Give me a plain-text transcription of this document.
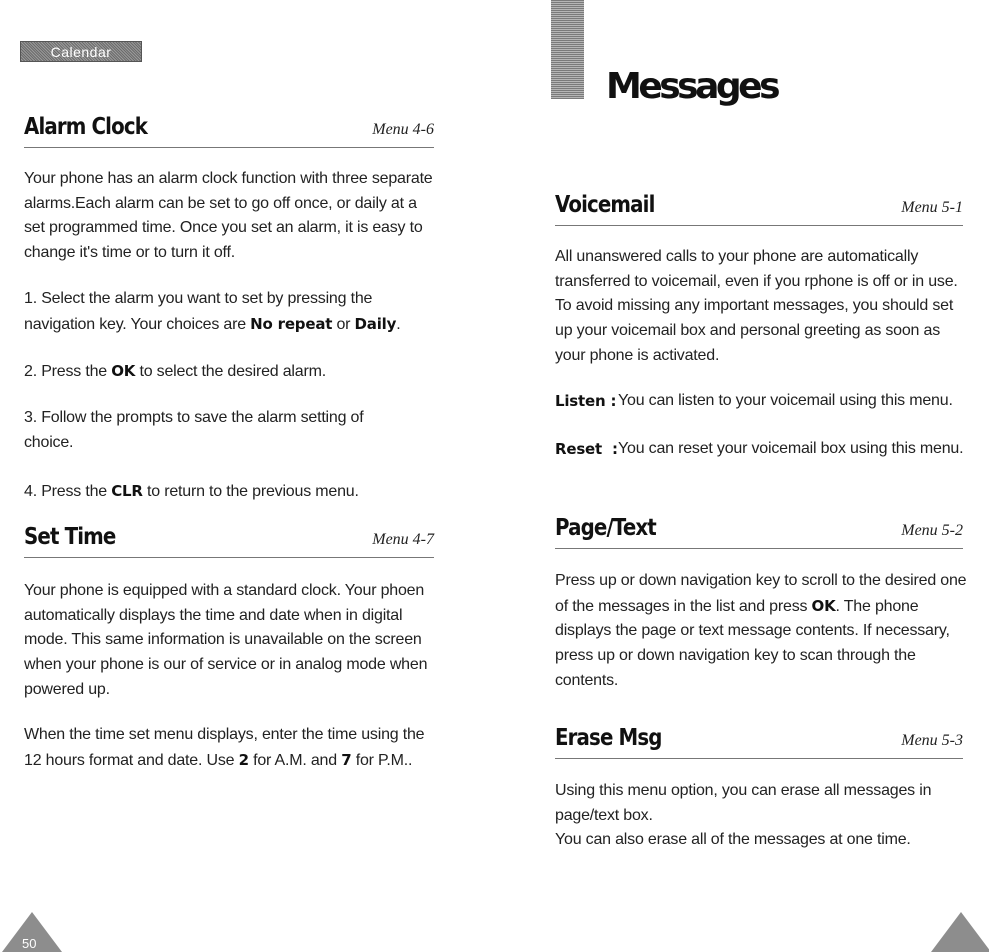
Calendar
Alarm Clock	Menu 4-6

Your phone has an alarm clock function with three separate alarms.Each alarm can be set to go off once, or daily at a set programmed time. Once you set an alarm, it is easy to change it's time or to turn it off.

1. Select the alarm you want to set by pressing the navigation key. Your choices are No repeat or Daily.

2. Press the OK to select the desired alarm.

3. Follow the prompts to save the alarm setting of choice.

4. Press the CLR to return to the previous menu.

Set Time	Menu 4-7

Your phone is equipped with a standard clock. Your phoen automatically displays the time and date when in digital mode. This same information is unavailable on the screen when your phone is our of service or in analog mode when powered up.

When the time set menu displays, enter the time using the 12 hours format and date. Use 2 for A.M. and 7 for P.M..

50
Messages
Voicemail	Menu 5-1

All unanswered calls to your phone are automatically transferred to voicemail, even if you rphone is off or in use. To avoid missing any important messages, you should set up your voicemail box and personal greeting as soon as your phone is activated.

Listen : You can listen to your voicemail using this menu.
Reset  : You can reset your voicemail box using this menu.
Page/Text	Menu 5-2

Press up or down navigation key to scroll to the desired one of the messages in the list and press OK. The phone displays the page or text message contents. If necessary, press up or down navigation key to scan through the contents.

Erase Msg	Menu 5-3

Using this menu option, you can erase all messages in page/text box.
You can also erase all of the messages at one time.
